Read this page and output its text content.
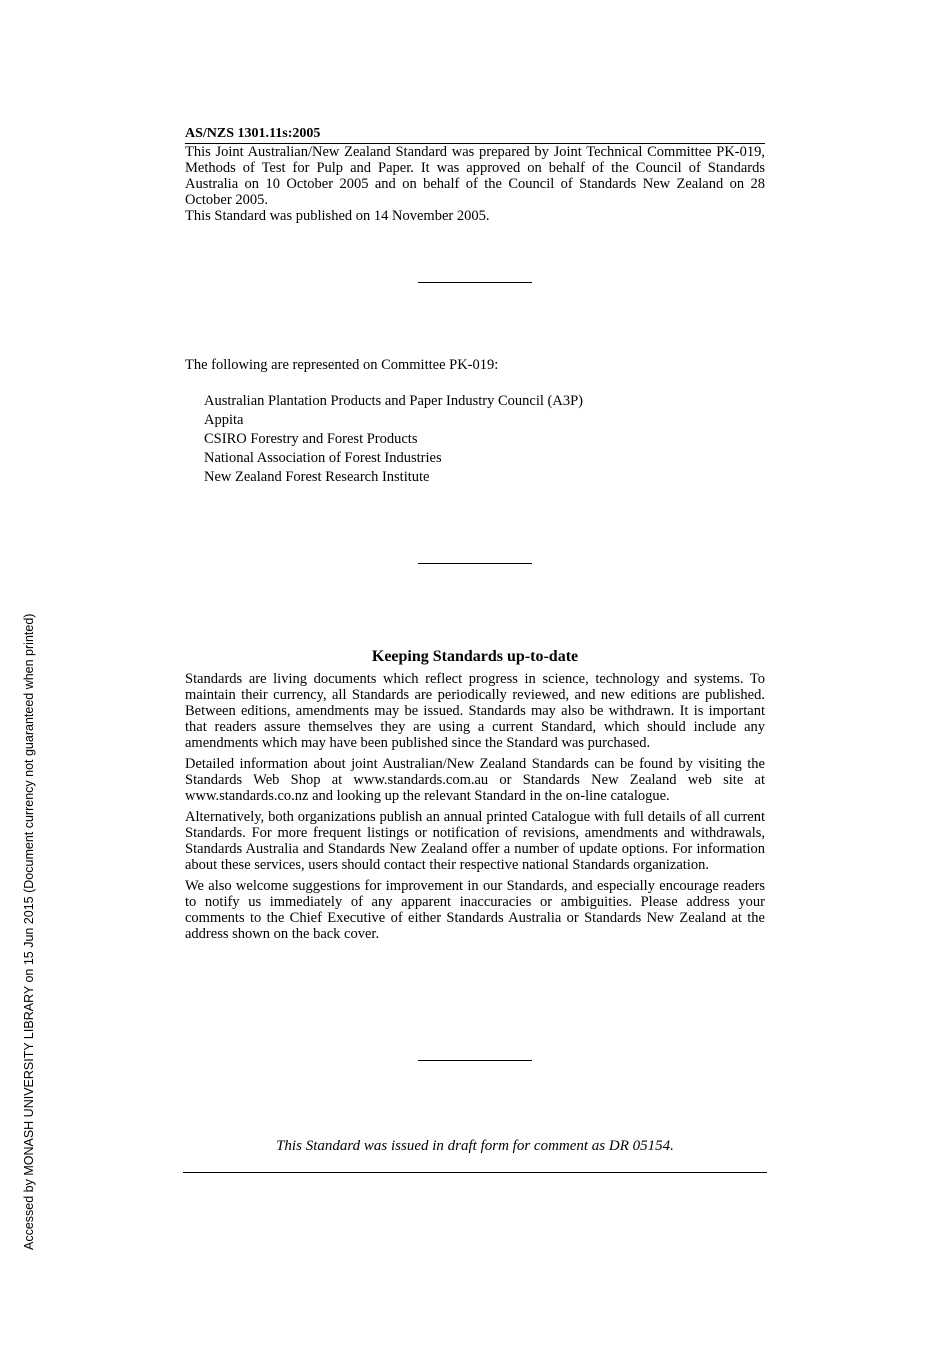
Accessed by MONASH UNIVERSITY LIBRARY on 15 Jun 2015 (Document currency not guaranteed when printed)
AS/NZS 1301.11s:2005

This Joint Australian/New Zealand Standard was prepared by Joint Technical Committee PK-019, Methods of Test for Pulp and Paper. It was approved on behalf of the Council of Standards Australia on 10 October 2005 and on behalf of the Council of Standards New Zealand on 28 October 2005.

This Standard was published on 14 November 2005.

The following are represented on Committee PK-019:

Australian Plantation Products and Paper Industry Council (A3P)
Appita
CSIRO Forestry and Forest Products
National Association of Forest Industries
New Zealand Forest Research Institute
Keeping Standards up-to-date

Standards are living documents which reflect progress in science, technology and systems. To maintain their currency, all Standards are periodically reviewed, and new editions are published. Between editions, amendments may be issued. Standards may also be withdrawn. It is important that readers assure themselves they are using a current Standard, which should include any amendments which may have been published since the Standard was purchased.

Detailed information about joint Australian/New Zealand Standards can be found by visiting the Standards Web Shop at www.standards.com.au or Standards New Zealand web site at www.standards.co.nz and looking up the relevant Standard in the on-line catalogue.

Alternatively, both organizations publish an annual printed Catalogue with full details of all current Standards. For more frequent listings or notification of revisions, amendments and withdrawals, Standards Australia and Standards New Zealand offer a number of update options. For information about these services, users should contact their respective national Standards organization.

We also welcome suggestions for improvement in our Standards, and especially encourage readers to notify us immediately of any apparent inaccuracies or ambiguities. Please address your comments to the Chief Executive of either Standards Australia or Standards New Zealand at the address shown on the back cover.

This Standard was issued in draft form for comment as DR 05154.
